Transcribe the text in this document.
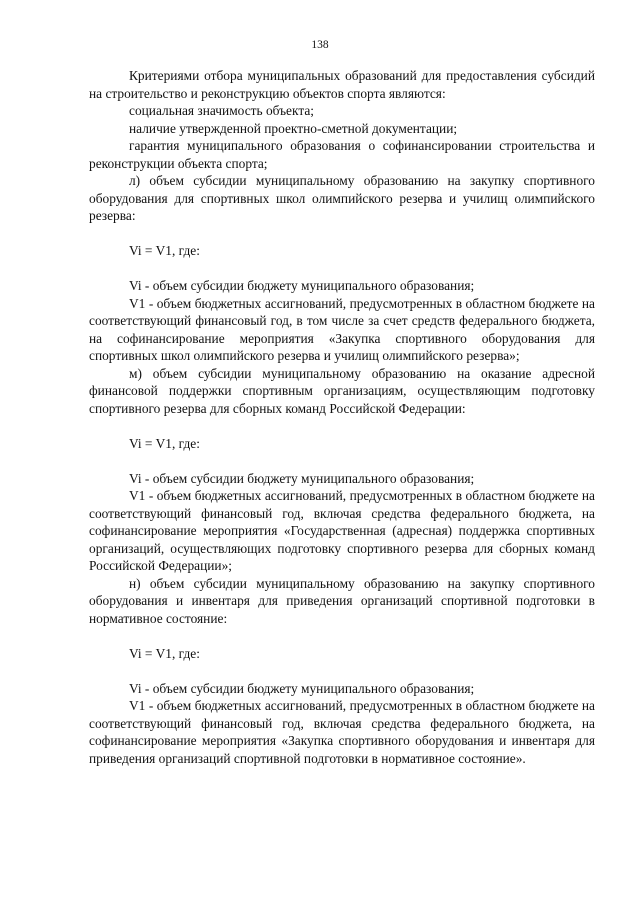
138

Критериями отбора муниципальных образований для предоставления субсидий на строительство и реконструкцию объектов спорта являются:

социальная значимость объекта;

наличие утвержденной проектно-сметной документации;

гарантия муниципального образования о софинансировании строительства и реконструкции объекта спорта;

л) объем субсидии муниципальному образованию на закупку спортивного оборудования для спортивных школ олимпийского резерва и училищ олимпийского резерва:

Vi = V1, где:

Vi - объем субсидии бюджету муниципального образования;

V1 - объем бюджетных ассигнований, предусмотренных в областном бюджете на соответствующий финансовый год, в том числе за счет средств федерального бюджета, на софинансирование мероприятия «Закупка спортивного оборудования для спортивных школ олимпийского резерва и училищ олимпийского резерва»;

м) объем субсидии муниципальному образованию на оказание адресной финансовой поддержки спортивным организациям, осуществляющим подготовку спортивного резерва для сборных команд Российской Федерации:

Vi = V1, где:

Vi - объем субсидии бюджету муниципального образования;

V1 - объем бюджетных ассигнований, предусмотренных в областном бюджете на соответствующий финансовый год, включая средства федерального бюджета, на софинансирование мероприятия «Государственная (адресная) поддержка спортивных организаций, осуществляющих подготовку спортивного резерва для сборных команд Российской Федерации»;

н) объем субсидии муниципальному образованию на закупку спортивного оборудования и инвентаря для приведения организаций спортивной подготовки в нормативное состояние:

Vi = V1, где:

Vi - объем субсидии бюджету муниципального образования;

V1 - объем бюджетных ассигнований, предусмотренных в областном бюджете на соответствующий финансовый год, включая средства федерального бюджета, на софинансирование мероприятия «Закупка спортивного оборудования и инвентаря для приведения организаций спортивной подготовки в нормативное состояние».
